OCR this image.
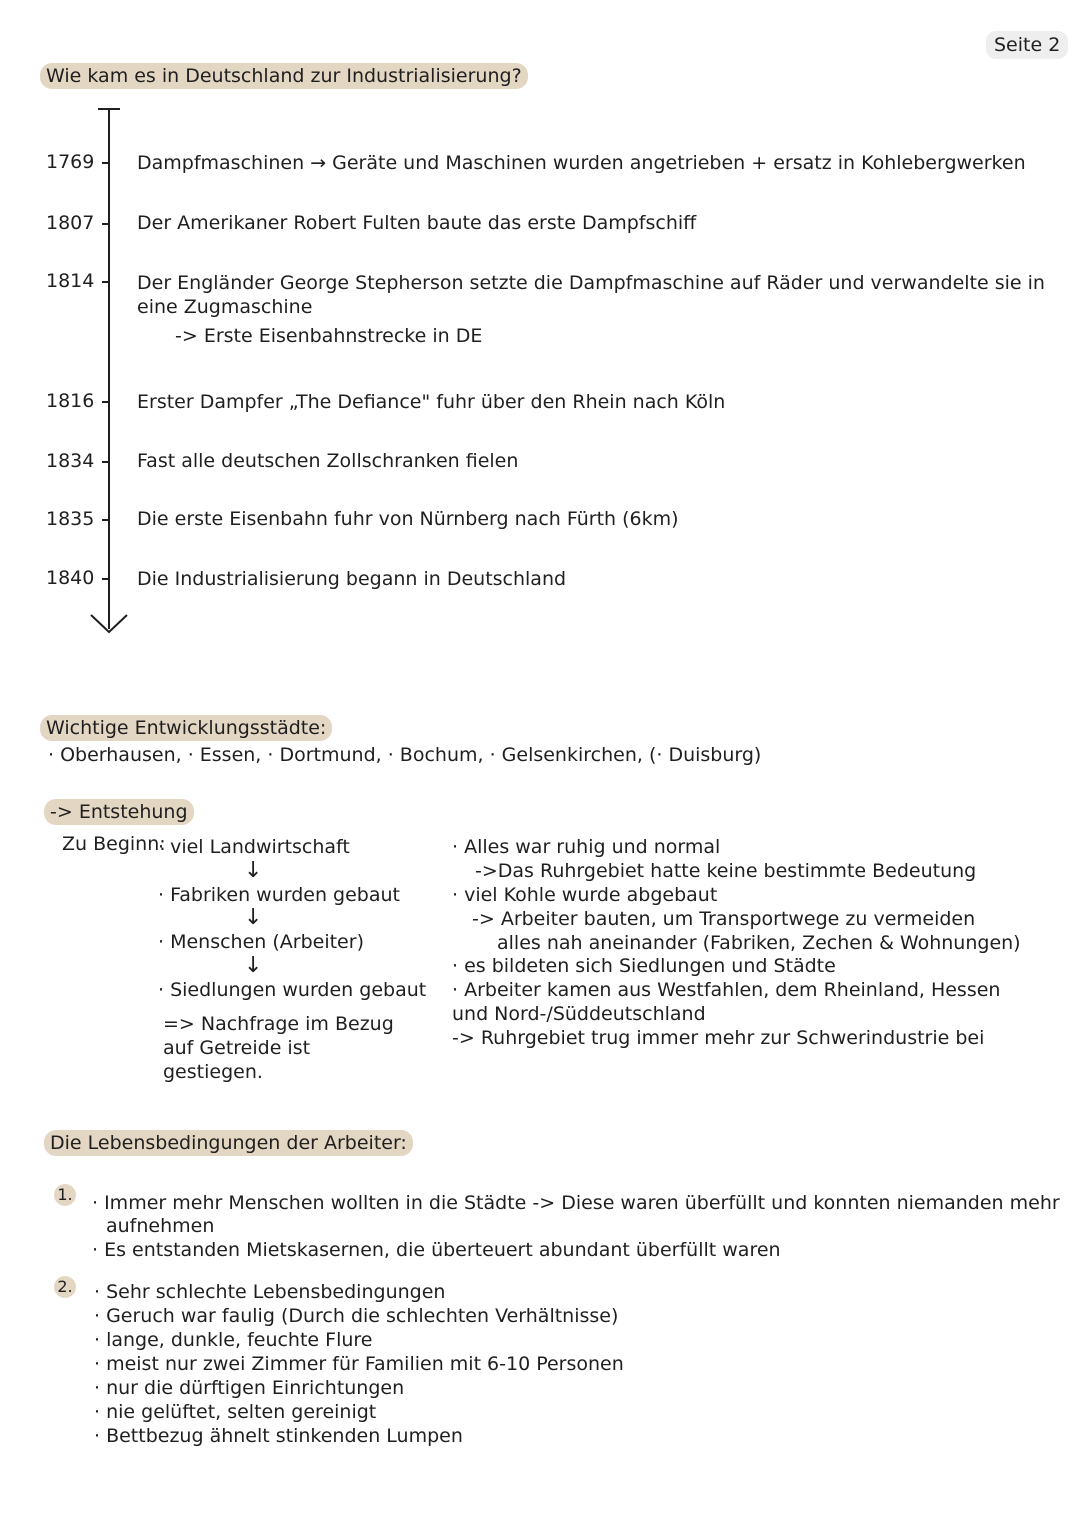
Seite 2
Wie kam es in Deutschland zur Industrialisierung?
1769 Dampfmaschinen → Geräte und Maschinen wurden angetrieben + ersatz in Kohlebergwerken
1807 Der Amerikaner Robert Fulten baute das erste Dampfschiff
1814 Der Engländer George Stepherson setzte die Dampfmaschine auf Räder und verwandelte sie in
eine Zugmaschine
-> Erste Eisenbahnstrecke in DE
1816 Erster Dampfer „The Defiance" fuhr über den Rhein nach Köln
1834 Fast alle deutschen Zollschranken fielen
1835 Die erste Eisenbahn fuhr von Nürnberg nach Fürth (6km)
1840 Die Industrialisierung begann in Deutschland
Wichtige Entwicklungsstädte:
· Oberhausen, · Essen, · Dortmund, · Bochum, · Gelsenkirchen, (· Duisburg)
-> Entstehung
Zu Beginn:
· viel Landwirtschaft
↓
· Fabriken wurden gebaut
↓
· Menschen (Arbeiter)
↓
· Siedlungen wurden gebaut
=> Nachfrage im Bezug
auf Getreide ist
gestiegen.
· Alles war ruhig und normal
->Das Ruhrgebiet hatte keine bestimmte Bedeutung
· viel Kohle wurde abgebaut
-> Arbeiter bauten, um Transportwege zu vermeiden
alles nah aneinander (Fabriken, Zechen & Wohnungen)
· es bildeten sich Siedlungen und Städte
· Arbeiter kamen aus Westfahlen, dem Rheinland, Hessen
und Nord-/Süddeutschland
-> Ruhrgebiet trug immer mehr zur Schwerindustrie bei
Die Lebensbedingungen der Arbeiter:
1. · Immer mehr Menschen wollten in die Städte -> Diese waren überfüllt und konnten niemanden mehr
aufnehmen
· Es entstanden Mietskasernen, die überteuert abundant überfüllt waren
2. · Sehr schlechte Lebensbedingungen
· Geruch war faulig (Durch die schlechten Verhältnisse)
· lange, dunkle, feuchte Flure
· meist nur zwei Zimmer für Familien mit 6-10 Personen
· nur die dürftigen Einrichtungen
· nie gelüftet, selten gereinigt
· Bettbezug ähnelt stinkenden Lumpen
